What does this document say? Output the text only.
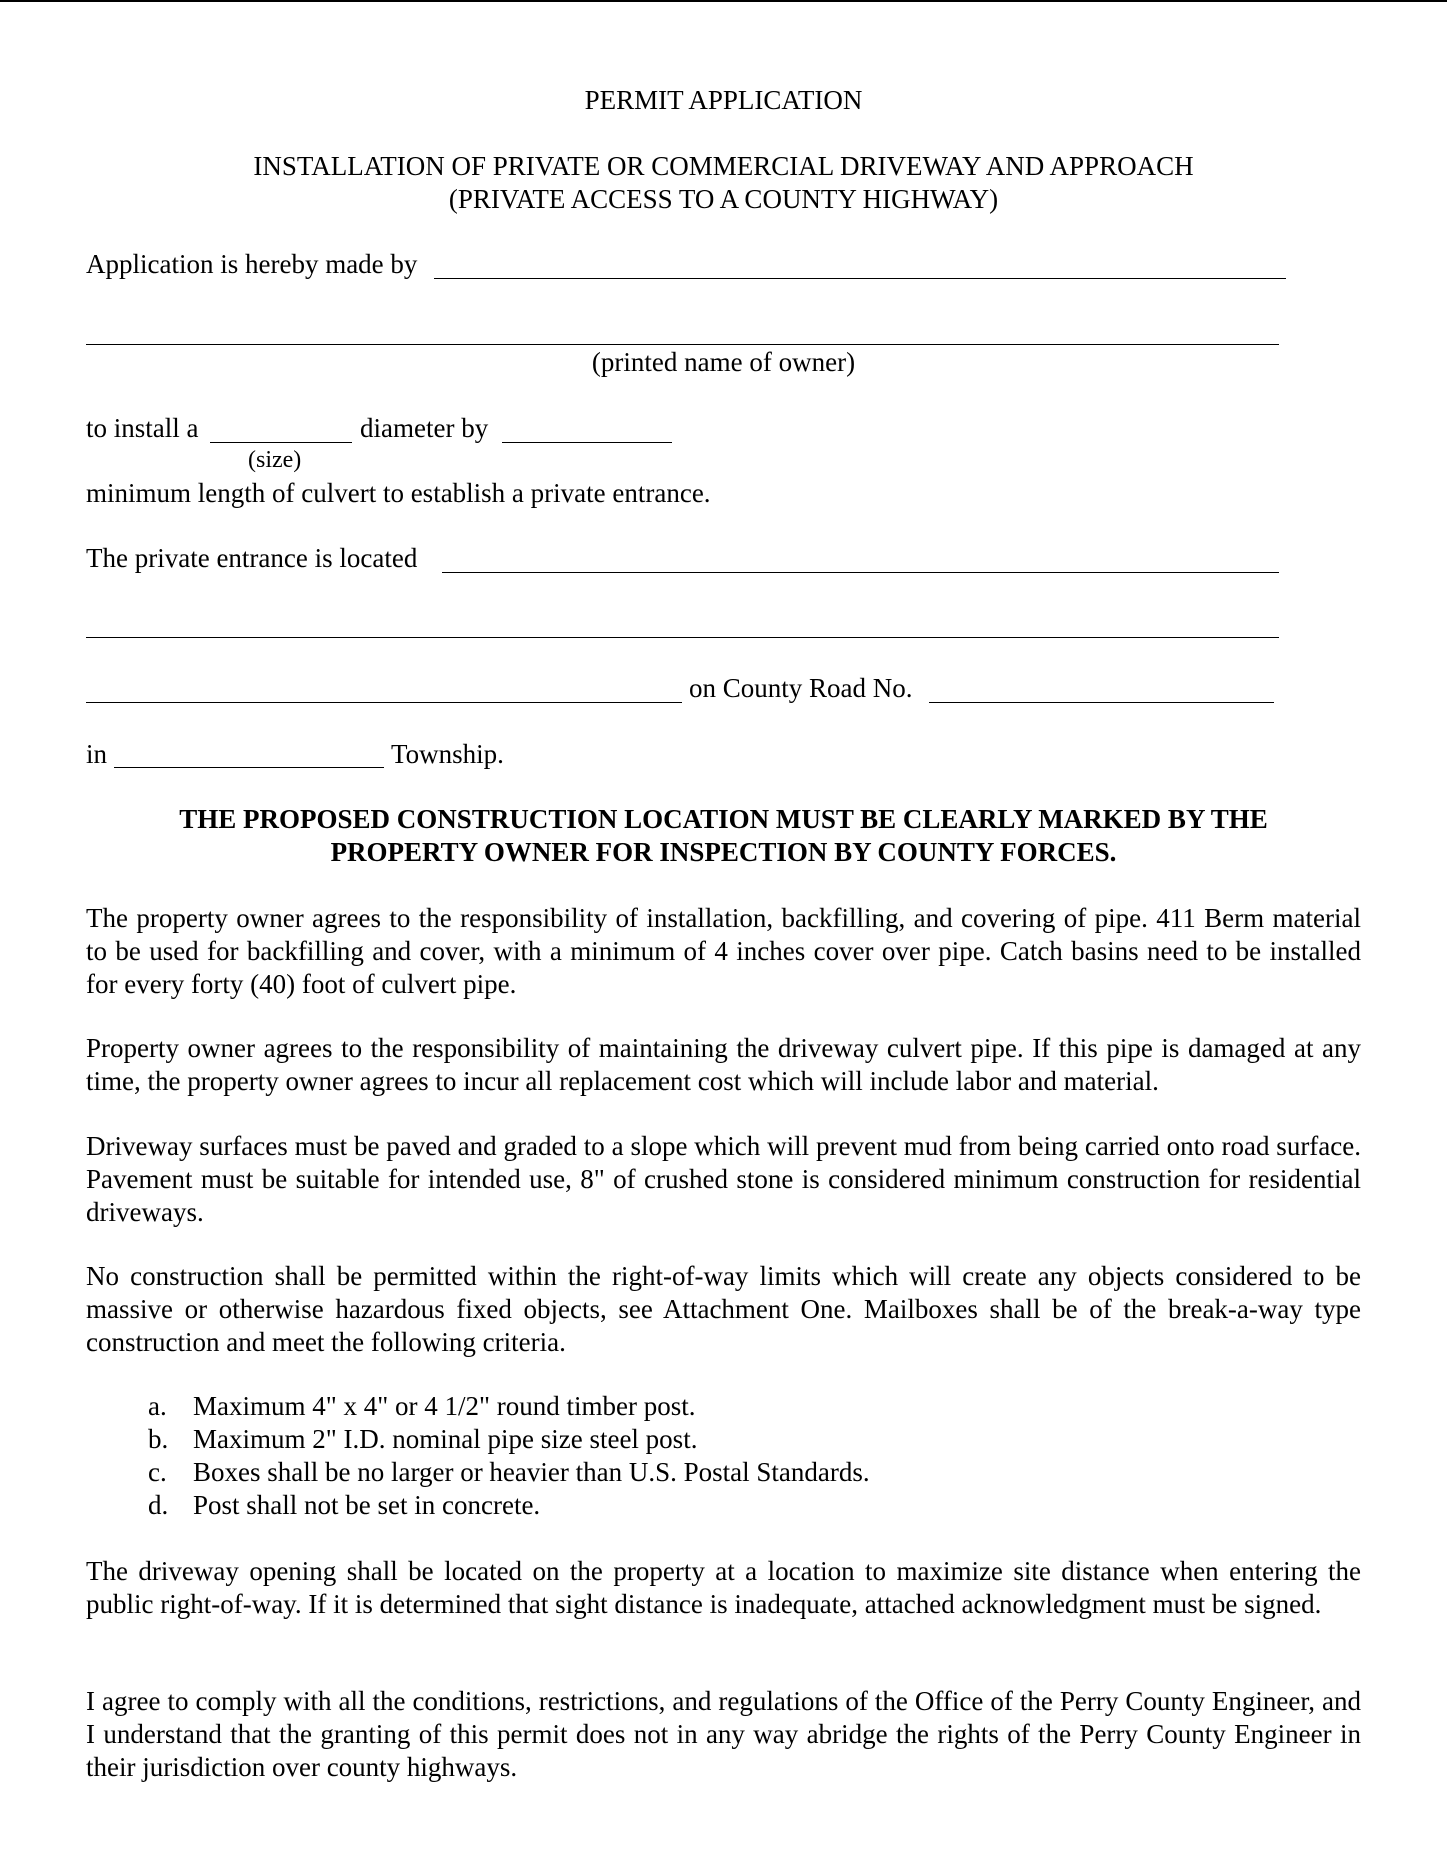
PERMIT APPLICATION
INSTALLATION OF PRIVATE OR COMMERCIAL DRIVEWAY AND APPROACH
(PRIVATE ACCESS TO A COUNTY HIGHWAY)
Application is hereby made by
(printed name of owner)
to install a	diameter by
(size)
minimum length of culvert to establish a private entrance.
The private entrance is located
on County Road No.
in	Township.
THE PROPOSED CONSTRUCTION LOCATION MUST BE CLEARLY MARKED BY THE
PROPERTY OWNER FOR INSPECTION BY COUNTY FORCES.
The property owner agrees to the responsibility of installation, backfilling, and covering of pipe. 411 Berm material to be used for backfilling and cover, with a minimum of 4 inches cover over pipe. Catch basins need to be installed for every forty (40) foot of culvert pipe.
Property owner agrees to the responsibility of maintaining the driveway culvert pipe. If this pipe is damaged at any time, the property owner agrees to incur all replacement cost which will include labor and material.
Driveway surfaces must be paved and graded to a slope which will prevent mud from being carried onto road surface. Pavement must be suitable for intended use, 8" of crushed stone is considered minimum construction for residential driveways.
No construction shall be permitted within the right-of-way limits which will create any objects considered to be massive or otherwise hazardous fixed objects, see Attachment One. Mailboxes shall be of the break-a-way type construction and meet the following criteria.
a. Maximum 4" x 4" or 4 1/2" round timber post.
b. Maximum 2" I.D. nominal pipe size steel post.
c. Boxes shall be no larger or heavier than U.S. Postal Standards.
d. Post shall not be set in concrete.
The driveway opening shall be located on the property at a location to maximize site distance when entering the public right-of-way. If it is determined that sight distance is inadequate, attached acknowledgment must be signed.
I agree to comply with all the conditions, restrictions, and regulations of the Office of the Perry County Engineer, and I understand that the granting of this permit does not in any way abridge the rights of the Perry County Engineer in their jurisdiction over county highways.
